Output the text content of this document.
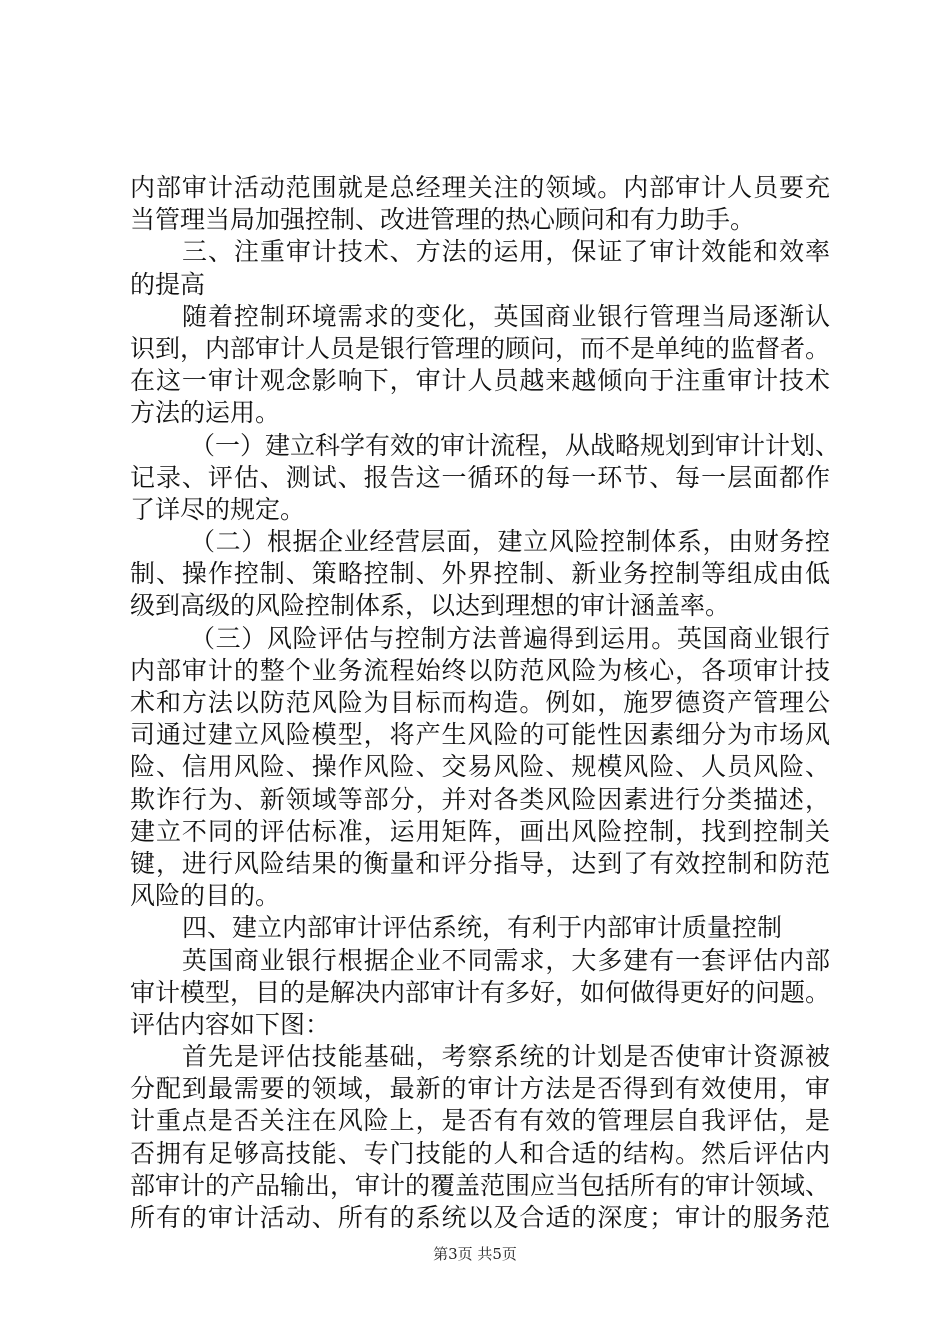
内部审计活动范围就是总经理关注的领域。内部审计人员要充
当管理当局加强控制、改进管理的热心顾问和有力助手。
三、注重审计技术、方法的运用，保证了审计效能和效率
的提高
随着控制环境需求的变化，英国商业银行管理当局逐渐认
识到，内部审计人员是银行管理的顾问，而不是单纯的监督者。
在这一审计观念影响下，审计人员越来越倾向于注重审计技术
方法的运用。
（一）建立科学有效的审计流程，从战略规划到审计计划、
记录、评估、测试、报告这一循环的每一环节、每一层面都作
了详尽的规定。
（二）根据企业经营层面，建立风险控制体系，由财务控
制、操作控制、策略控制、外界控制、新业务控制等组成由低
级到高级的风险控制体系，以达到理想的审计涵盖率。
（三）风险评估与控制方法普遍得到运用。英国商业银行
内部审计的整个业务流程始终以防范风险为核心，各项审计技
术和方法以防范风险为目标而构造。例如，施罗德资产管理公
司通过建立风险模型，将产生风险的可能性因素细分为市场风
险、信用风险、操作风险、交易风险、规模风险、人员风险、
欺诈行为、新领域等部分，并对各类风险因素进行分类描述，
建立不同的评估标准，运用矩阵，画出风险控制，找到控制关
键，进行风险结果的衡量和评分指导，达到了有效控制和防范
风险的目的。
四、建立内部审计评估系统，有利于内部审计质量控制
英国商业银行根据企业不同需求，大多建有一套评估内部
审计模型，目的是解决内部审计有多好，如何做得更好的问题。
评估内容如下图：
首先是评估技能基础，考察系统的计划是否使审计资源被
分配到最需要的领域，最新的审计方法是否得到有效使用，审
计重点是否关注在风险上，是否有有效的管理层自我评估，是
否拥有足够高技能、专门技能的人和合适的结构。然后评估内
部审计的产品输出，审计的覆盖范围应当包括所有的审计领域、
所有的审计活动、所有的系统以及合适的深度；审计的服务范
第3页 共5页
